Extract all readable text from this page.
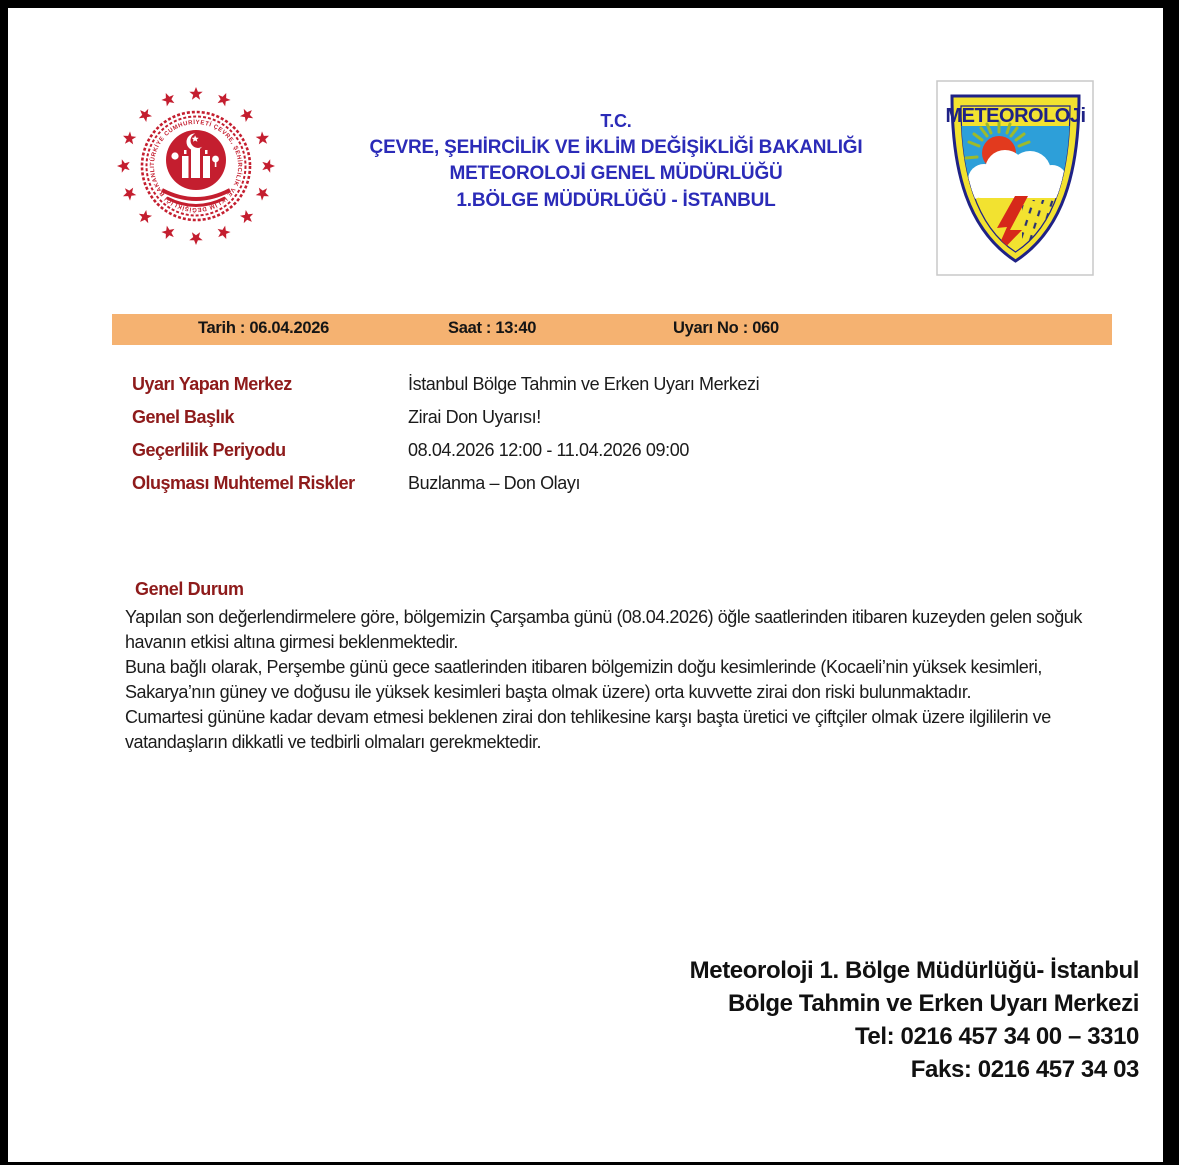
TÜRKİYE CUMHURİYETİ ÇEVRE, ŞEHİRCİLİK VE İKLİM DEĞİŞİKLİĞİ BAKANLIĞI
T.C.
ÇEVRE, ŞEHİRCİLİK VE İKLİM DEĞİŞİKLİĞİ BAKANLIĞI
METEOROLOJİ GENEL MÜDÜRLÜĞÜ
1.BÖLGE MÜDÜRLÜĞÜ - İSTANBUL
METEOROLOJi
Tarih : 06.04.2026	Saat : 13:40	Uyarı No : 060
Uyarı Yapan Merkez	İstanbul Bölge Tahmin ve Erken Uyarı Merkezi
Genel Başlık	Zirai Don Uyarısı!
Geçerlilik Periyodu	08.04.2026 12:00 - 11.04.2026 09:00
Oluşması Muhtemel Riskler	Buzlanma – Don Olayı
Genel Durum

Yapılan son değerlendirmelere göre, bölgemizin Çarşamba günü (08.04.2026) öğle saatlerinden itibaren kuzeyden gelen soğuk havanın etkisi altına girmesi beklenmektedir.

Buna bağlı olarak, Perşembe günü gece saatlerinden itibaren bölgemizin doğu kesimlerinde (Kocaeli’nin yüksek kesimleri, Sakarya’nın güney ve doğusu ile yüksek kesimleri başta olmak üzere) orta kuvvette zirai don riski bulunmaktadır.

Cumartesi gününe kadar devam etmesi beklenen zirai don tehlikesine karşı başta üretici ve çiftçiler olmak üzere ilgililerin ve vatandaşların dikkatli ve tedbirli olmaları gerekmektedir.

Meteoroloji 1. Bölge Müdürlüğü- İstanbul
Bölge Tahmin ve Erken Uyarı Merkezi
Tel: 0216 457 34 00 – 3310
Faks: 0216 457 34 03
